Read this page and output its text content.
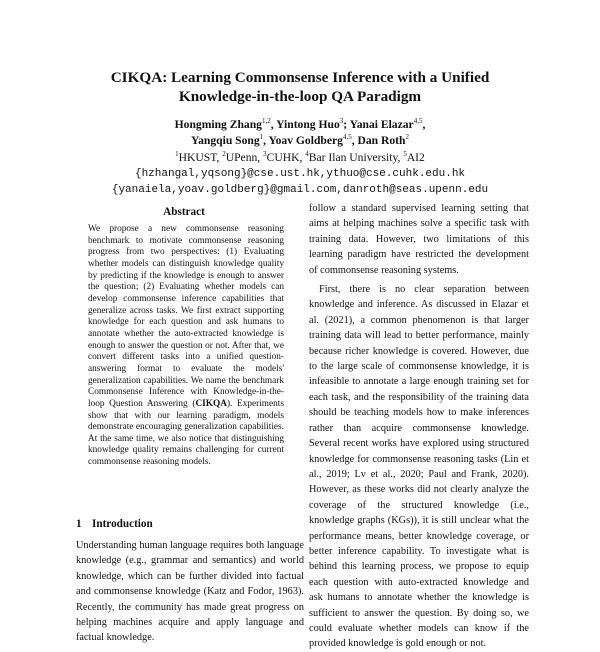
CIKQA: Learning Commonsense Inference with a Unified
Knowledge-in-the-loop QA Paradigm
Hongming Zhang$^{1,2}$, Yintong Huo$^3$; Yanai Elazar$^{4,5}$,
Yangqiu Song$^1$, Yoav Goldberg$^{4,5}$, Dan Roth$^2$
$^1$HKUST, $^2$UPenn, $^3$CUHK, $^4$Bar Ilan University, $^5$AI2
{hzhangal,yqsong}@cse.ust.hk,ythuo@cse.cuhk.edu.hk
{yanaiela,yoav.goldberg}@gmail.com,danroth@seas.upenn.edu
Abstract
We propose a new commonsense reasoning benchmark to motivate commonsense reasoning progress from two perspectives: (1) Evaluating whether models can distinguish knowledge quality by predicting if the knowledge is enough to answer the question; (2) Evaluating whether models can develop commonsense inference capabilities that generalize across tasks. We first extract supporting knowledge for each question and ask humans to annotate whether the auto-extracted knowledge is enough to answer the question or not. After that, we convert different tasks into a unified question-answering format to evaluate the models' generalization capabilities. We name the benchmark Commonsense Inference with Knowledge-in-the-loop Question Answering (CIKQA). Experiments show that with our learning paradigm, models demonstrate encouraging generalization capabilities. At the same time, we also notice that distinguishing knowledge quality remains challenging for current commonsense reasoning models.
1 Introduction
Understanding human language requires both language knowledge (e.g., grammar and semantics) and world knowledge, which can be further divided into factual and commonsense knowledge (Katz and Fodor, 1963). Recently, the community has made great progress on helping machines acquire and apply language and factual knowledge.

follow a standard supervised learning setting that aims at helping machines solve a specific task with training data. However, two limitations of this learning paradigm have restricted the development of commonsense reasoning systems.

First, there is no clear separation between knowledge and inference. As discussed in Elazar et al. (2021), a common phenomenon is that larger training data will lead to better performance, mainly because richer knowledge is covered. However, due to the large scale of commonsense knowledge, it is infeasible to annotate a large enough training set for each task, and the responsibility of the training data should be teaching models how to make inferences rather than acquire commonsense knowledge. Several recent works have explored using structured knowledge for commonsense reasoning tasks (Lin et al., 2019; Lv et al., 2020; Paul and Frank, 2020). However, as these works did not clearly analyze the coverage of the structured knowledge (i.e., knowledge graphs (KGs)), it is still unclear what the performance means, better knowledge coverage, or better inference capability. To investigate what is behind this learning process, we propose to equip each question with auto-extracted knowledge and ask humans to annotate whether the knowledge is sufficient to answer the question. By doing so, we could evaluate whether models can know if the provided knowledge is gold enough or not.
